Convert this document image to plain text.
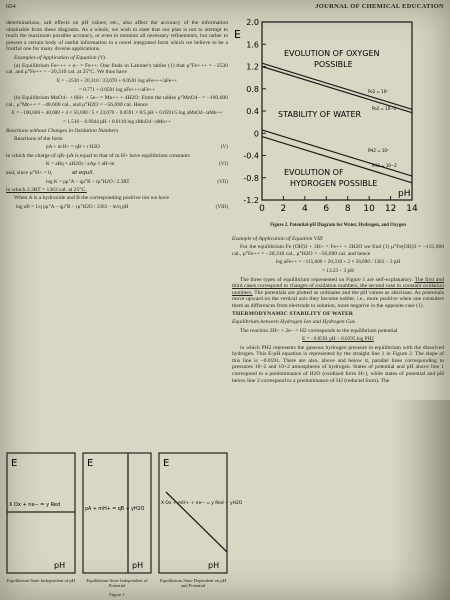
604	JOURNAL OF CHEMICAL EDUCATION

determinations, salt effects on pH values, etc., also affect the accuracy of the information obtainable from these diagrams. As a whole, we wish to state that our plan is not to attempt to reach the maximum possible accuracy, or even to mention all necessary refinements, but rather to present a certain body of useful information in a novel integrated form which we believe to be a fruitful one for many diverse applications.

Examples of Application of Equation (V)

(a) Equilibrium Fe+++ + e− = Fe++: One finds in Latimer's tables (1) that μ°Fe+++ = −2530 cal. and μ°Fe++ = −20,310 cal. at 25°C. We thus have

E = −2530 + 20,310 / 23,070 + 0.0591 log aFe+++/aFe++
= 0.771 + 0.0591 log aFe+++/aFe++

(b) Equilibrium MnO4− + 8H+ + 5e− = Mn++ + 4H2O: From the tables μ°MnO4− = −100,600 cal., μ°Mn++ = −48,600 cal., and μ°H2O = −56,690 cal. Hence

E = −100,600 + 48,600 + 4 × 56,690 / 5 × 23,070 − 0.0591 × 8/5 pH + 0.0591/5 log aMnO4−/aMn++
= 1.516 − 0.0944 pH + 0.0118 log aMnO4−/aMn++

Reactions without Changes in Oxidation Numbers

Reactions of the form

pA + m H+ = qB + r H2O	(V)

in which the charge of qB−pA is equal to that of m H+ have equilibrium constants

K = aBq × aH2Or / aAp × aH+m	(VI)

and, since μ°H+ = 0,	at equil.

log K = pμ°A − qμ°B − rμ°H2O / 2.3RT	(VII)

in which 2.3RT = 1363 cal. at 25°C.

When A is a hydroxide and B the corresponding positive ion we have

log aB = 1/q pμ°A − qμ°B − rμ°H2O / 1363 − m/q pH	(VIII)
E
X Ox + ne− = y Red
pH
Equilibrium State Independent of pH
E
pA + mH+ = qB + yH2O
pH
Equilibrium State Independent of Potential
E
X Ox + mH+ + ne− = y Red + yH2O
pH
Equilibrium State Dependent on pH and Potential
Figure 1
2.0
1.6
1.2
0.8
0.4
0
-0.4
-0.8
-1.2
0 2 4 6 8 10 12 14
E
pH
EVOLUTION OF OXYGEN
POSSIBLE
STABILITY OF WATER
EVOLUTION OF
HYDROGEN POSSIBLE
Po2 = 10²
Po2 = 10−2
PH2 = 10²
PH2 = 10−2
Figure 2. Potential-pH Diagram for Water, Hydrogen, and Oxygen

Example of Application of Equation VIII

For the equilibrium Fe (OH)3 + 3H+ = Fe++ + 2H2O we find (1) μ°Fe(OH)3 = −115,660 cal., μ°Fe++ = −20,310 cal., μ°H2O = −56,690 cal. and hence

log aFe++ = −115,660 + 20,310 + 2 × 56,690 / 1363 − 3 pH
= 13.23 − 3 pH

The three types of equilibrium represented on Figure 1 are self-explanatory. The first and third cases correspond to changes of oxidation numbers, the second case to constant oxidation numbers. The potentials are plotted as ordinates and the pH values as abscissas. As potentials move upward on the vertical axis they become nobler, i.e., more positive when one considers them as differences from electrode to solution, more negative in the opposite case (1).

THERMODYNAMIC STABILITY OF WATER

Equilibrium between Hydrogen Ion and Hydrogen Gas

The reaction 2H+ + 2e− = H2 corresponds to the equilibrium potential

E = −0.0591 pH − 0.0295 log PH2

in which PH2 represents the gaseous hydrogen pressure in equilibrium with the dissolved hydrogen. This E-pH equation is represented by the straight line 1 in Figure 2. The slope of this line is −0.0591. There are also, above and below it, parallel lines corresponding to pressures 10−2 and 10+2 atmospheres of hydrogen. States of potential and pH above line 1 correspond to a predominance of H2O (oxidized form H+), while states of potential and pH below line 2 correspond to a predominance of H2 (reduced form). The
